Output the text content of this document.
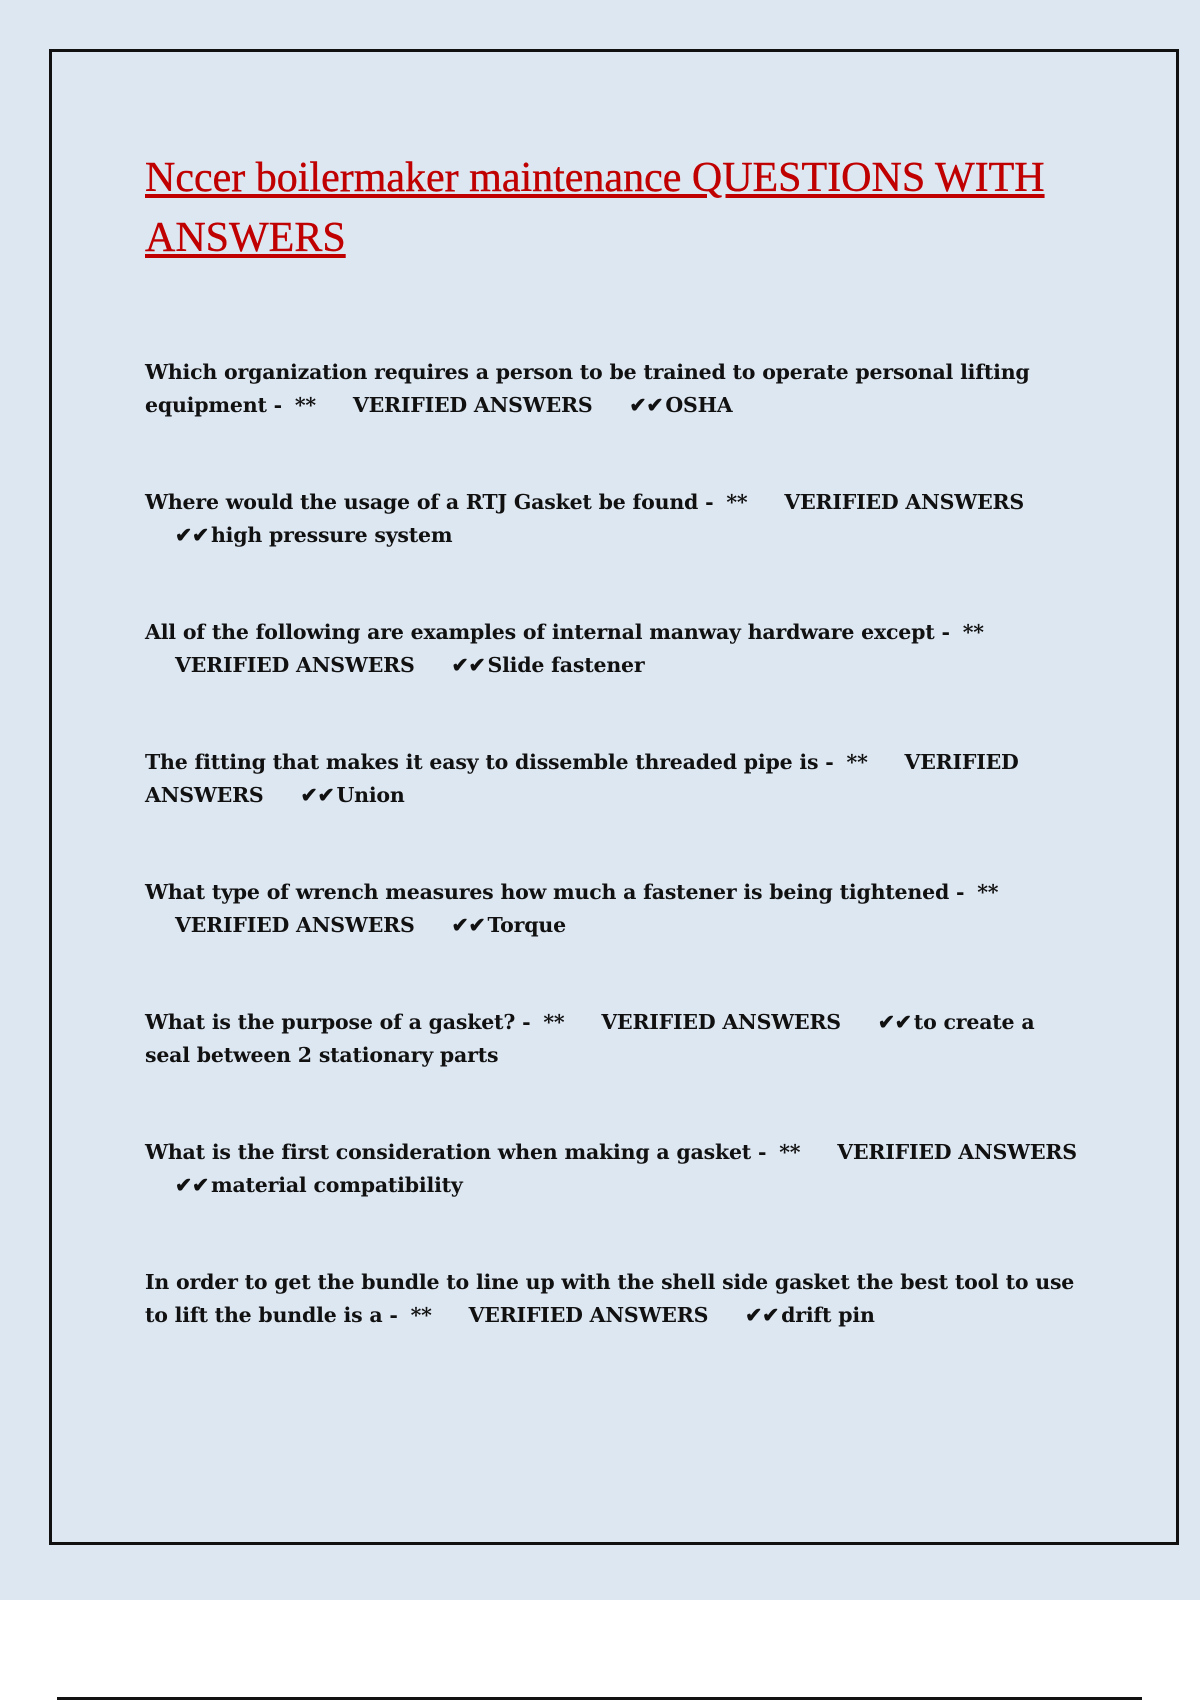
Nccer boilermaker maintenance QUESTIONS WITH ANSWERS
Which organization requires a person to be trained to operate personal lifting equipment - ** VERIFIED ANSWERS ✔✔OSHA
Where would the usage of a RTJ Gasket be found - ** VERIFIED ANSWERS ✔✔high pressure system
All of the following are examples of internal manway hardware except - ** VERIFIED ANSWERS ✔✔Slide fastener
The fitting that makes it easy to dissemble threaded pipe is - ** VERIFIED ANSWERS ✔✔Union
What type of wrench measures how much a fastener is being tightened - ** VERIFIED ANSWERS ✔✔Torque
What is the purpose of a gasket? - ** VERIFIED ANSWERS ✔✔to create a seal between 2 stationary parts
What is the first consideration when making a gasket - ** VERIFIED ANSWERS ✔✔material compatibility
In order to get the bundle to line up with the shell side gasket the best tool to use to lift the bundle is a - ** VERIFIED ANSWERS ✔✔drift pin
